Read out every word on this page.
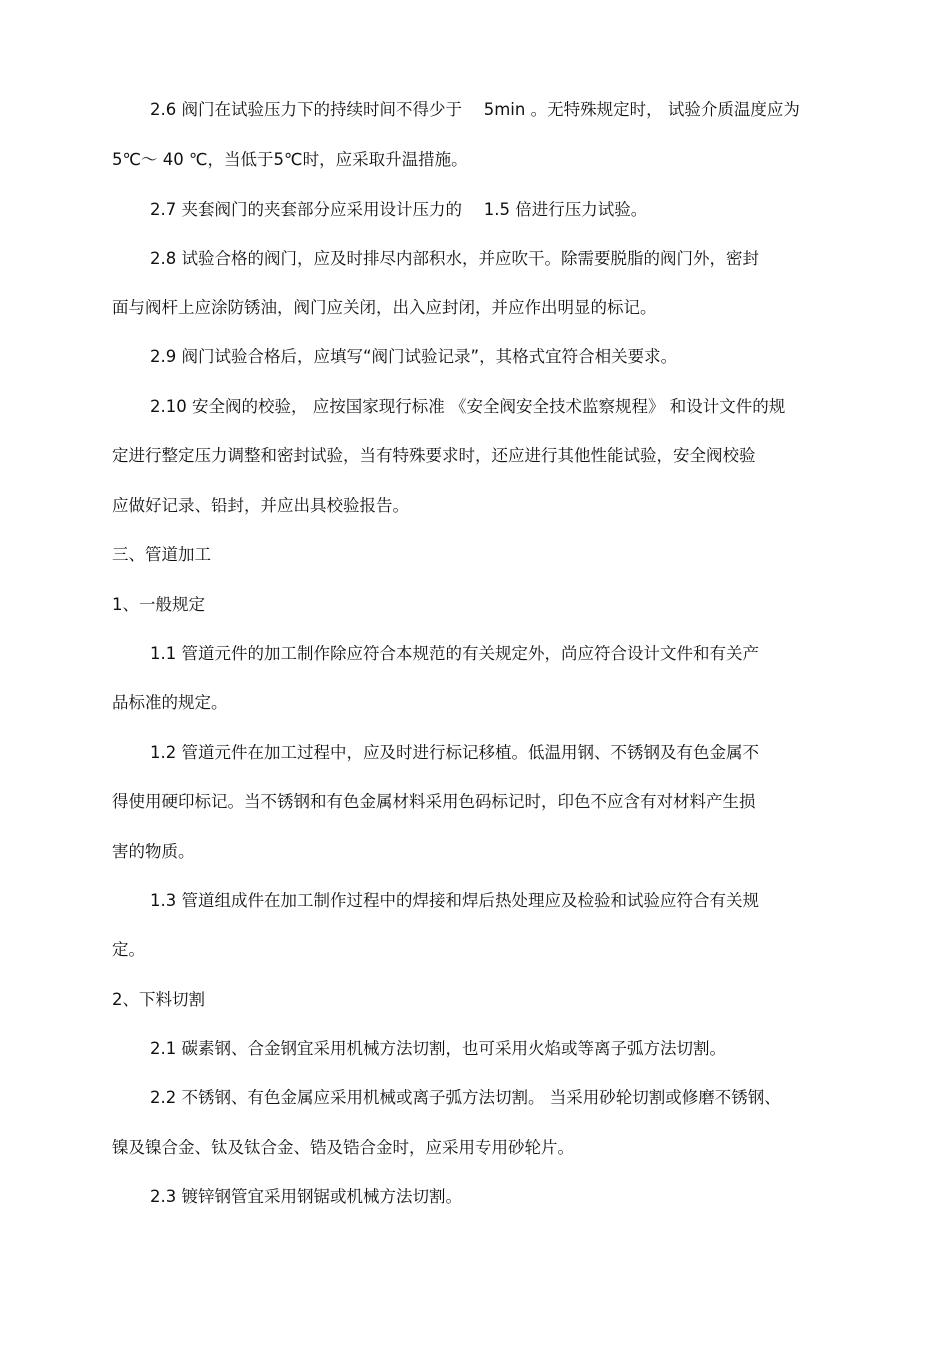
2.6 阀门在试验压力下的持续时间不得少于　 5min 。无特殊规定时， 试验介质温度应为
5℃～ 40 ℃，当低于5℃时，应采取升温措施。
2.7 夹套阀门的夹套部分应采用设计压力的　 1.5 倍进行压力试验。
2.8 试验合格的阀门，应及时排尽内部积水，并应吹干。除需要脱脂的阀门外，密封
面与阀杆上应涂防锈油，阀门应关闭，出入应封闭，并应作出明显的标记。
2.9 阀门试验合格后，应填写“阀门试验记录”，其格式宜符合相关要求。
2.10 安全阀的校验， 应按国家现行标准 《安全阀安全技术监察规程》 和设计文件的规
定进行整定压力调整和密封试验，当有特殊要求时，还应进行其他性能试验，安全阀校验
应做好记录、铅封，并应出具校验报告。
三、管道加工
1、一般规定
1.1 管道元件的加工制作除应符合本规范的有关规定外，尚应符合设计文件和有关产
品标准的规定。
1.2 管道元件在加工过程中，应及时进行标记移植。低温用钢、不锈钢及有色金属不
得使用硬印标记。当不锈钢和有色金属材料采用色码标记时，印色不应含有对材料产生损
害的物质。
1.3 管道组成件在加工制作过程中的焊接和焊后热处理应及检验和试验应符合有关规
定。
2、下料切割
2.1 碳素钢、合金钢宜采用机械方法切割，也可采用火焰或等离子弧方法切割。
2.2 不锈钢、有色金属应采用机械或离子弧方法切割。 当采用砂轮切割或修磨不锈钢、
镍及镍合金、钛及钛合金、锆及锆合金时，应采用专用砂轮片。
2.3 镀锌钢管宜采用钢锯或机械方法切割。
